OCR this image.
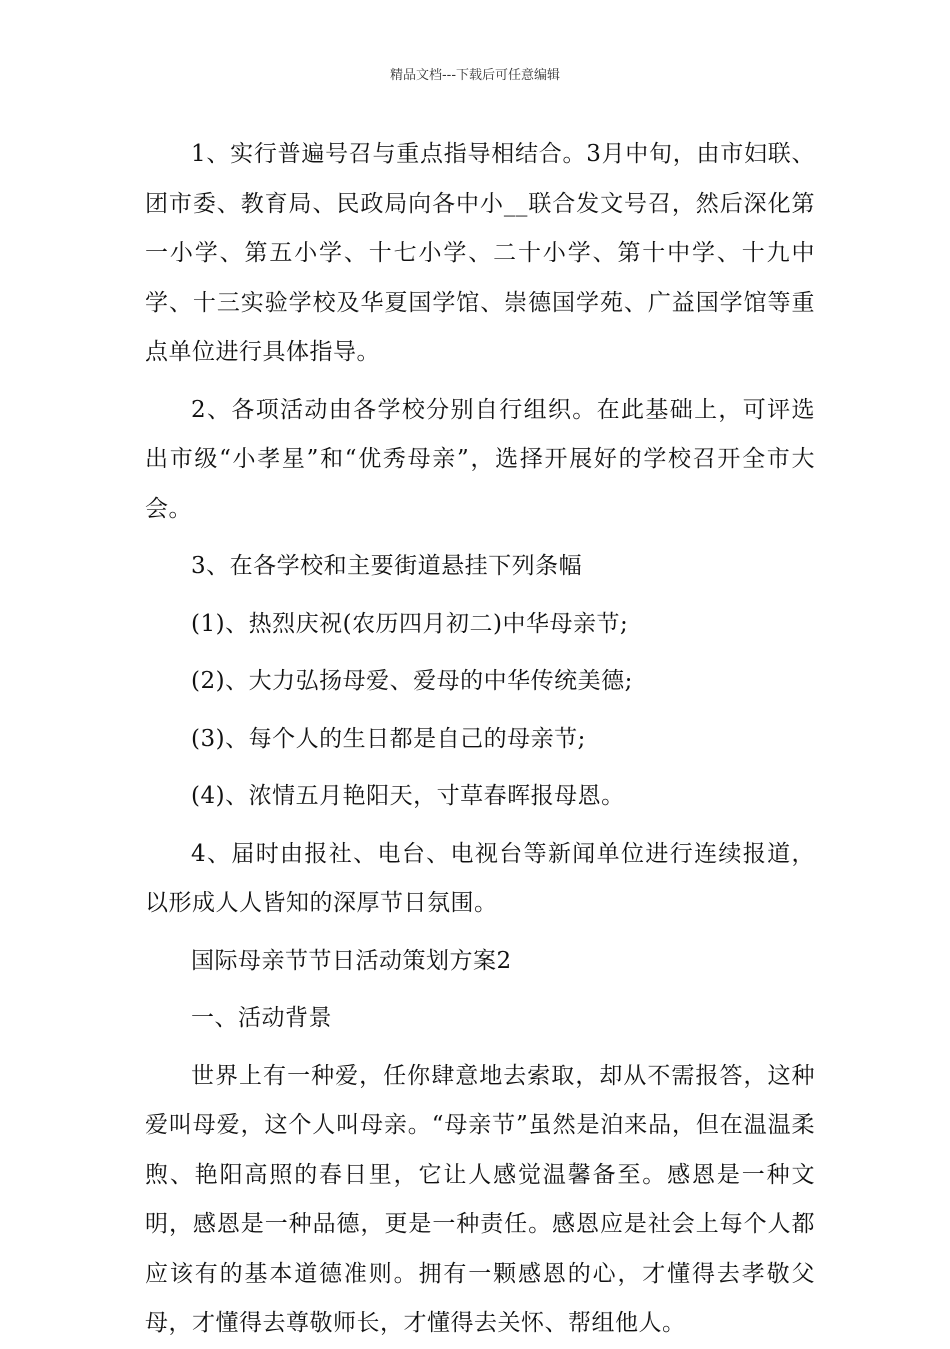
精品文档---下载后可任意编辑

1、实行普遍号召与重点指导相结合。3月中旬，由市妇联、团市委、教育局、民政局向各中小__联合发文号召，然后深化第一小学、第五小学、十七小学、二十小学、第十中学、十九中学、十三实验学校及华夏国学馆、崇德国学苑、广益国学馆等重点单位进行具体指导。

2、各项活动由各学校分别自行组织。在此基础上，可评选出市级“小孝星”和“优秀母亲”，选择开展好的学校召开全市大会。

3、在各学校和主要街道悬挂下列条幅

(1)、热烈庆祝(农历四月初二)中华母亲节;

(2)、大力弘扬母爱、爱母的中华传统美德;

(3)、每个人的生日都是自己的母亲节;

(4)、浓情五月艳阳天，寸草春晖报母恩。

4、届时由报社、电台、电视台等新闻单位进行连续报道，以形成人人皆知的深厚节日氛围。

国际母亲节节日活动策划方案2

一、活动背景

世界上有一种爱，任你肆意地去索取，却从不需报答，这种爱叫母爱，这个人叫母亲。“母亲节”虽然是泊来品，但在温温柔煦、艳阳高照的春日里，它让人感觉温馨备至。感恩是一种文明，感恩是一种品德，更是一种责任。感恩应是社会上每个人都应该有的基本道德准则。拥有一颗感恩的心，才懂得去孝敬父母，才懂得去尊敬师长，才懂得去关怀、帮组他人。
